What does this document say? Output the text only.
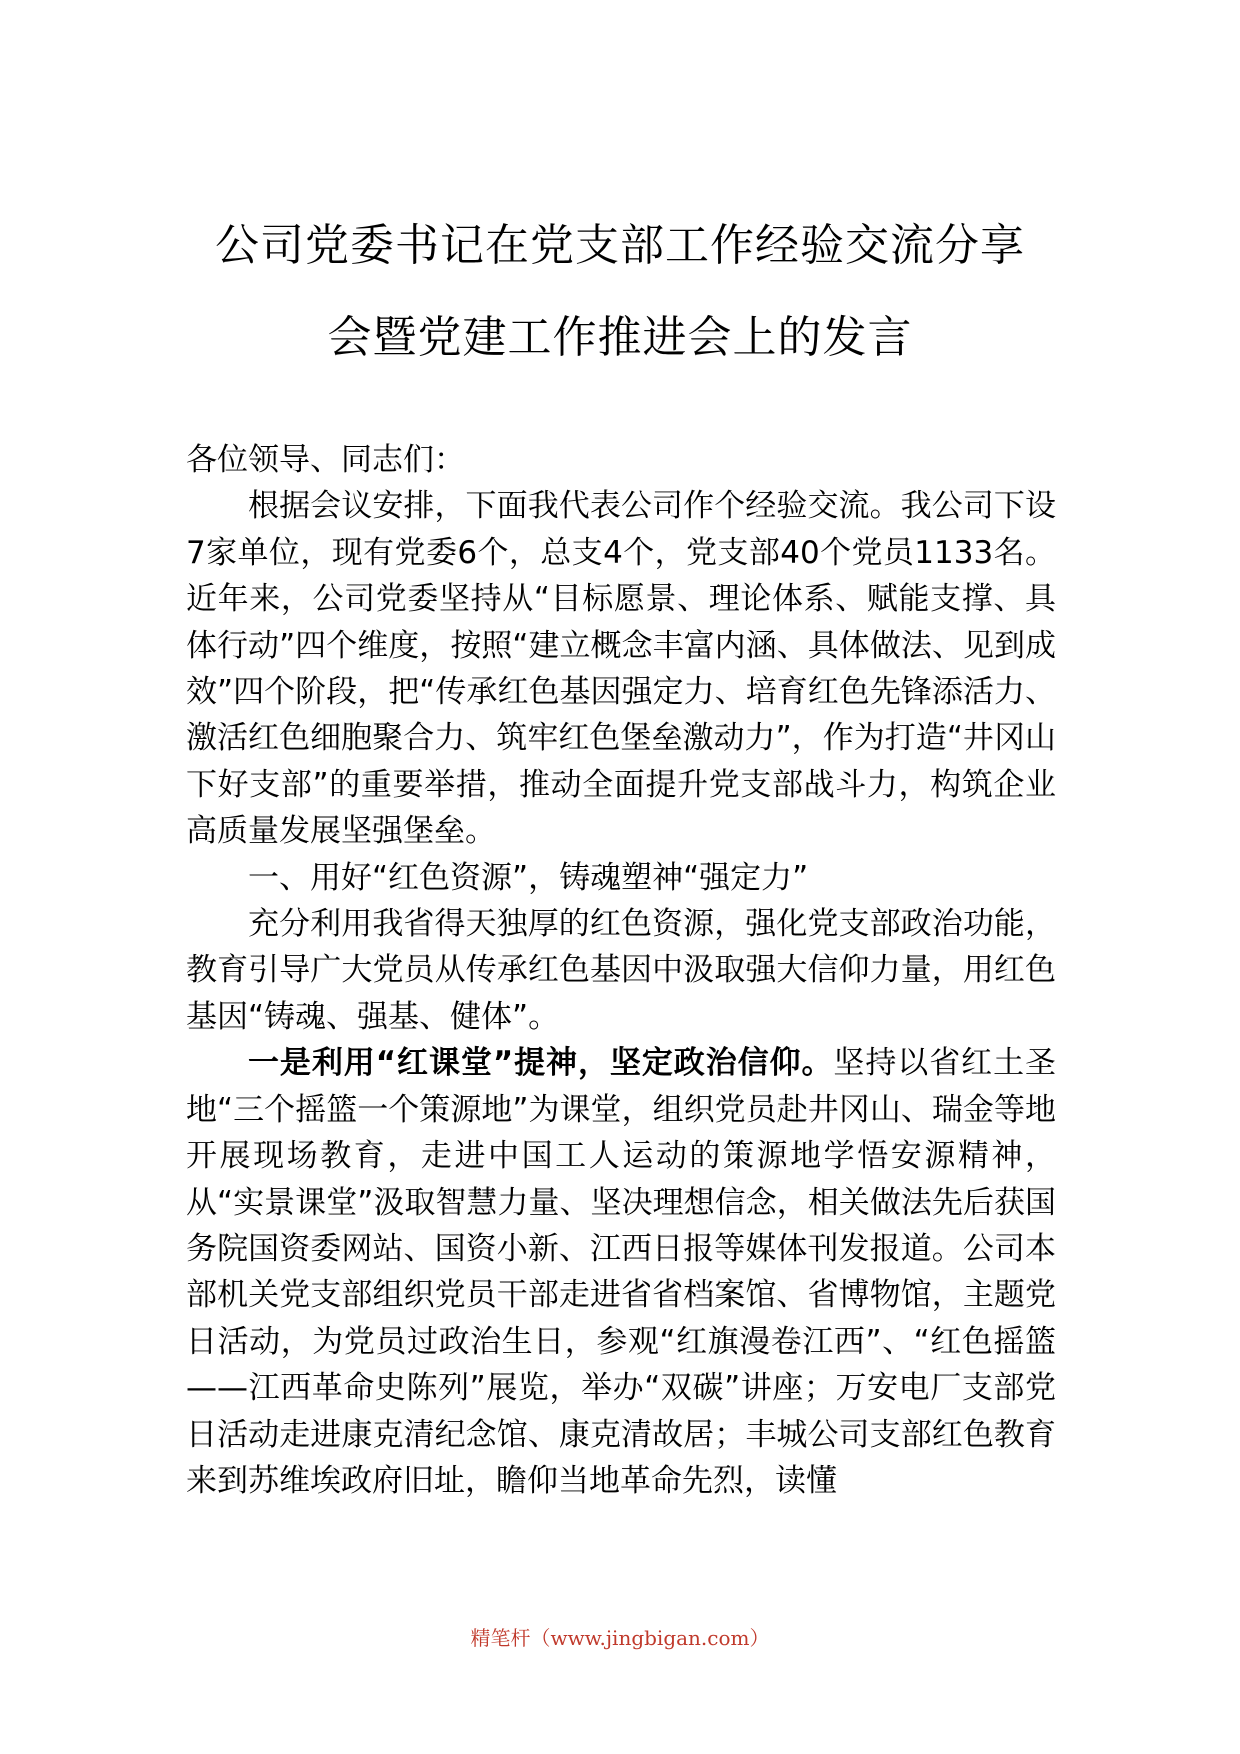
公司党委书记在党支部工作经验交流分享
会暨党建工作推进会上的发言

各位领导、同志们：

根据会议安排，下面我代表公司作个经验交流。我公司下设7家单位，现有党委6个，总支4个，党支部40个党员1133名。近年来，公司党委坚持从“目标愿景、理论体系、赋能支撑、具体行动”四个维度，按照“建立概念丰富内涵、具体做法、见到成效”四个阶段，把“传承红色基因强定力、培育红色先锋添活力、激活红色细胞聚合力、筑牢红色堡垒激动力”，作为打造“井冈山下好支部”的重要举措，推动全面提升党支部战斗力，构筑企业高质量发展坚强堡垒。

一、用好“红色资源”，铸魂塑神“强定力”

充分利用我省得天独厚的红色资源，强化党支部政治功能，教育引导广大党员从传承红色基因中汲取强大信仰力量，用红色基因“铸魂、强基、健体”。

一是利用“红课堂”提神，坚定政治信仰。坚持以省红土圣地“三个摇篮一个策源地”为课堂，组织党员赴井冈山、瑞金等地开展现场教育，走进中国工人运动的策源地学悟安源精神，从“实景课堂”汲取智慧力量、坚决理想信念，相关做法先后获国务院国资委网站、国资小新、江西日报等媒体刊发报道。公司本部机关党支部组织党员干部走进省省档案馆、省博物馆，主题党日活动，为党员过政治生日，参观“红旗漫卷江西”、“红色摇篮——江西革命史陈列”展览，举办“双碳”讲座；万安电厂支部党日活动走进康克清纪念馆、康克清故居；丰城公司支部红色教育来到苏维埃政府旧址，瞻仰当地革命先烈，读懂

精笔杆（www.jingbigan.com）
